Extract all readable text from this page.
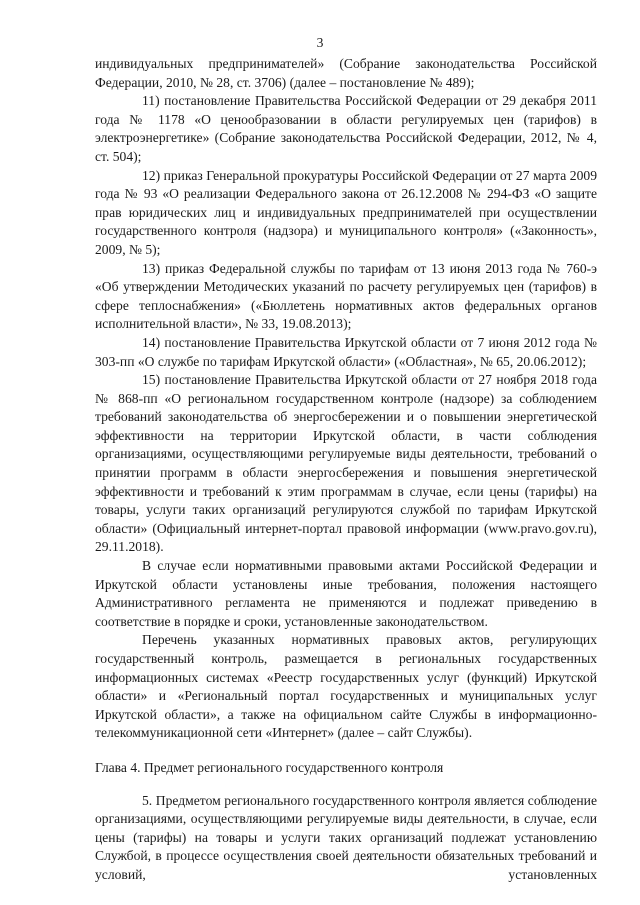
3

индивидуальных предпринимателей» (Собрание законодательства Российской Федерации, 2010, № 28, ст. 3706) (далее – постановление № 489);

11) постановление Правительства Российской Федерации от 29 декабря 2011 года № 1178 «О ценообразовании в области регулируемых цен (тарифов) в электроэнергетике» (Собрание законодательства Российской Федерации, 2012, № 4, ст. 504);

12) приказ Генеральной прокуратуры Российской Федерации от 27 марта 2009 года № 93 «О реализации Федерального закона от 26.12.2008 № 294-ФЗ «О защите прав юридических лиц и индивидуальных предпринимателей при осуществлении государственного контроля (надзора) и муниципального контроля» («Законность», 2009, № 5);

13) приказ Федеральной службы по тарифам от 13 июня 2013 года № 760-э «Об утверждении Методических указаний по расчету регулируемых цен (тарифов) в сфере теплоснабжения» («Бюллетень нормативных актов федеральных органов исполнительной власти», № 33, 19.08.2013);

14) постановление Правительства Иркутской области от 7 июня 2012 года № 303-пп «О службе по тарифам Иркутской области» («Областная», № 65, 20.06.2012);

15) постановление Правительства Иркутской области от 27 ноября 2018 года № 868-пп «О региональном государственном контроле (надзоре) за соблюдением требований законодательства об энергосбережении и о повышении энергетической эффективности на территории Иркутской области, в части соблюдения организациями, осуществляющими регулируемые виды деятельности, требований о принятии программ в области энергосбережения и повышения энергетической эффективности и требований к этим программам в случае, если цены (тарифы) на товары, услуги таких организаций регулируются службой по тарифам Иркутской области» (Официальный интернет-портал правовой информации (www.pravo.gov.ru), 29.11.2018).

В случае если нормативными правовыми актами Российской Федерации и Иркутской области установлены иные требования, положения настоящего Административного регламента не применяются и подлежат приведению в соответствие в порядке и сроки, установленные законодательством.

Перечень указанных нормативных правовых актов, регулирующих государственный контроль, размещается в региональных государственных информационных системах «Реестр государственных услуг (функций) Иркутской области» и «Региональный портал государственных и муниципальных услуг Иркутской области», а также на официальном сайте Службы в информационно-телекоммуникационной сети «Интернет» (далее – сайт Службы).

Глава 4. Предмет регионального государственного контроля

5. Предметом регионального государственного контроля является соблюдение организациями, осуществляющими регулируемые виды деятельности, в случае, если цены (тарифы) на товары и услуги таких организаций подлежат установлению Службой, в процессе осуществления своей деятельности обязательных требований и условий, установленных
